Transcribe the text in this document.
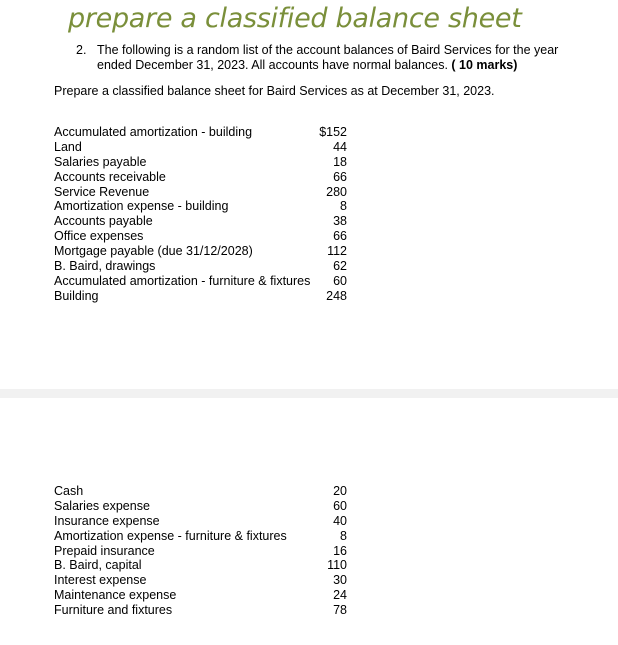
prepare a classified balance sheet
2. The following is a random list of the account balances of Baird Services for the year ended December 31, 2023. All accounts have normal balances. ( 10 marks)
Prepare a classified balance sheet for Baird Services as at December 31, 2023.
Accumulated amortization - building	$152
Land	44
Salaries payable	18
Accounts receivable	66
Service Revenue	280
Amortization expense - building	8
Accounts payable	38
Office expenses	66
Mortgage payable (due 31/12/2028)	112
B. Baird, drawings	62
Accumulated amortization - furniture & fixtures 60
Building	248
Cash	20
Salaries expense	60
Insurance expense	40
Amortization expense - furniture & fixtures	8
Prepaid insurance	16
B. Baird, capital	110
Interest expense	30
Maintenance expense	24
Furniture and fixtures	78
